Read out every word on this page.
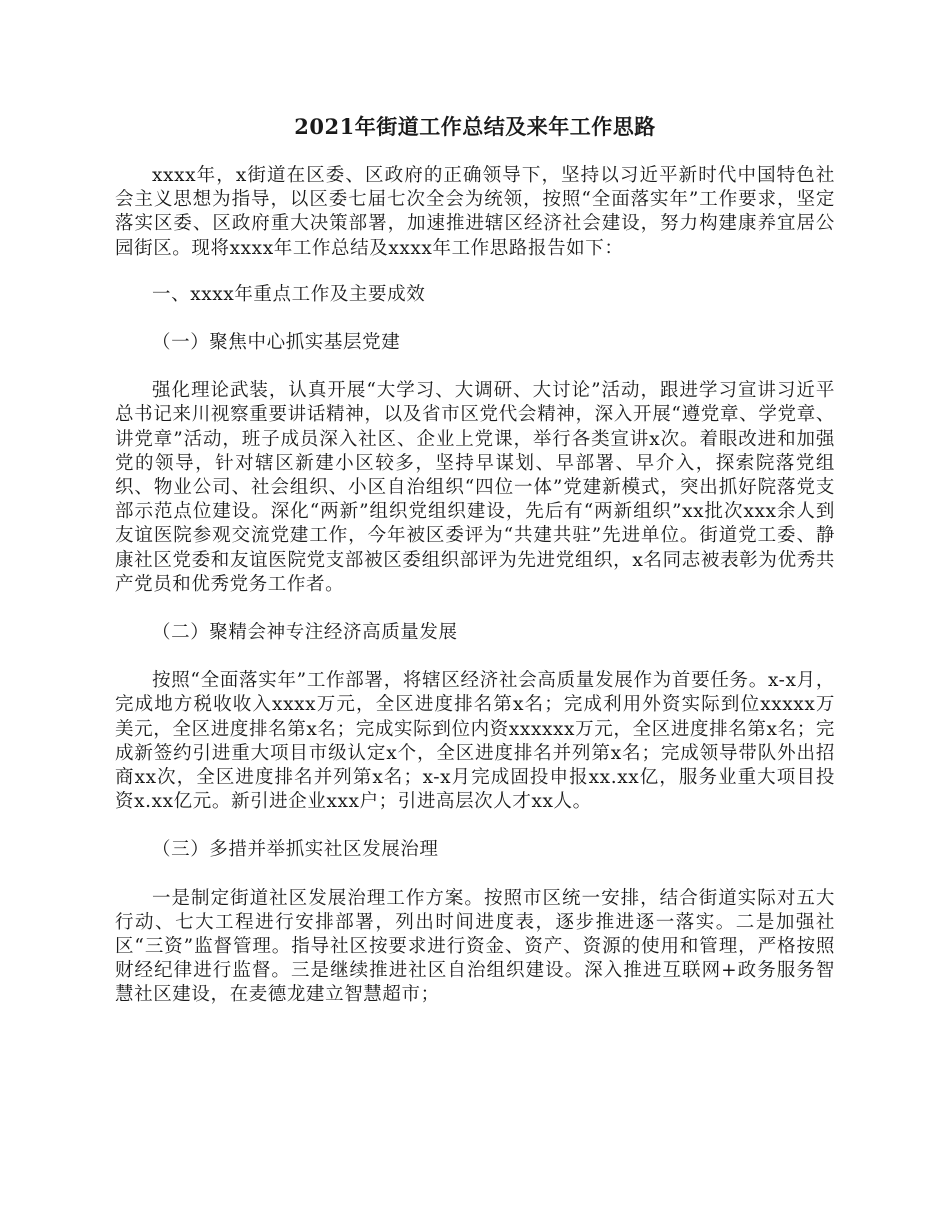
2021年街道工作总结及来年工作思路

xxxx年，x街道在区委、区政府的正确领导下，坚持以习近平新时代中国特色社会主义思想为指导，以区委七届七次全会为统领，按照“全面落实年”工作要求，坚定落实区委、区政府重大决策部署，加速推进辖区经济社会建设，努力构建康养宜居公园街区。现将xxxx年工作总结及xxxx年工作思路报告如下：

一、xxxx年重点工作及主要成效

（一）聚焦中心抓实基层党建

强化理论武装，认真开展“大学习、大调研、大讨论”活动，跟进学习宣讲习近平总书记来川视察重要讲话精神，以及省市区党代会精神，深入开展“遵党章、学党章、讲党章”活动，班子成员深入社区、企业上党课，举行各类宣讲x次。着眼改进和加强党的领导，针对辖区新建小区较多，坚持早谋划、早部署、早介入，探索院落党组织、物业公司、社会组织、小区自治组织“四位一体”党建新模式，突出抓好院落党支部示范点位建设。深化“两新”组织党组织建设，先后有“两新组织”xx批次xxx余人到友谊医院参观交流党建工作，今年被区委评为“共建共驻”先进单位。街道党工委、静康社区党委和友谊医院党支部被区委组织部评为先进党组织，x名同志被表彰为优秀共产党员和优秀党务工作者。

（二）聚精会神专注经济高质量发展

按照“全面落实年”工作部署，将辖区经济社会高质量发展作为首要任务。x-x月，完成地方税收收入xxxx万元，全区进度排名第x名；完成利用外资实际到位xxxxx万美元，全区进度排名第x名；完成实际到位内资xxxxxx万元，全区进度排名第x名；完成新签约引进重大项目市级认定x个，全区进度排名并列第x名；完成领导带队外出招商xx次，全区进度排名并列第x名；x-x月完成固投申报xx.xx亿，服务业重大项目投资x.xx亿元。新引进企业xxx户；引进高层次人才xx人。

（三）多措并举抓实社区发展治理

一是制定街道社区发展治理工作方案。按照市区统一安排，结合街道实际对五大行动、七大工程进行安排部署，列出时间进度表，逐步推进逐一落实。二是加强社区“三资”监督管理。指导社区按要求进行资金、资产、资源的使用和管理，严格按照财经纪律进行监督。三是继续推进社区自治组织建设。深入推进互联网+政务服务智慧社区建设，在麦德龙建立智慧超市；
